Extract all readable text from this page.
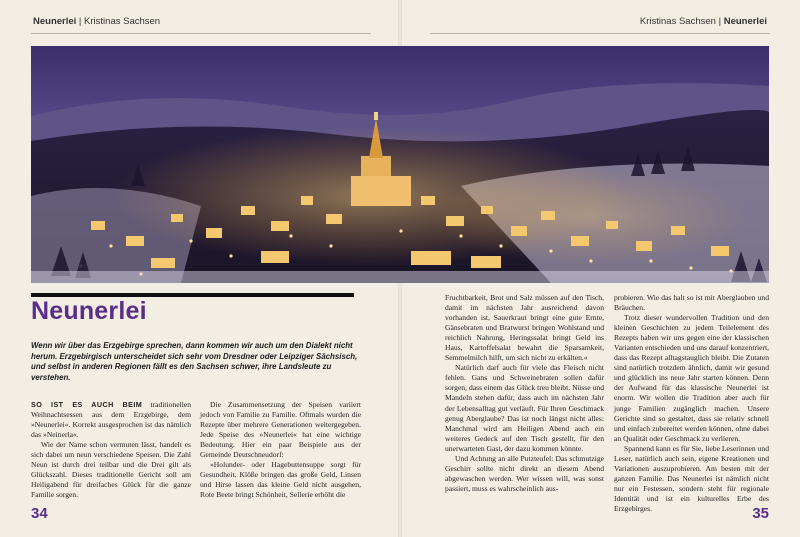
Neunerlei | Kristinas Sachsen	Kristinas Sachsen | Neunerlei
Neunerlei
Wenn wir über das Erzgebirge sprechen, dann kommen wir auch um den Dialekt nicht herum. Erzgebirgisch unterscheidet sich sehr vom Dresdner oder Leipziger Sächsisch, und selbst in anderen Regionen fällt es den Sachsen schwer, ihre Landsleute zu verstehen.

SO IST ES AUCH BEIM traditionellen Weihnachtsessen aus dem Erzgebirge, dem »Neunerlei«. Korrekt ausgesprochen ist das nämlich das »Neinerla«.

Wie der Name schon vermuten lässt, handelt es sich dabei um neun verschiedene Speisen. Die Zahl Neun ist durch drei teilbar und die Drei gilt als Glückszahl. Dieses traditionelle Gericht soll am Heiligabend für dreifaches Glück für die ganze Familie sorgen.

Die Zusammensetzung der Speisen variiert jedoch von Familie zu Familie. Oftmals wurden die Rezepte über mehrere Generationen weitergegeben. Jede Speise des »Neunerlei« hat eine wichtige Bedeutung. Hier ein paar Beispiele aus der Gemeinde Deutschneudorf:

»Holunder- oder Hagebuttensuppe sorgt für Gesundheit, Klöße bringen das große Geld, Linsen und Hirse lassen das kleine Geld nicht ausgehen, Rote Beete bringt Schönheit, Sellerie erhöht die

Fruchtbarkeit, Brot und Salz müssen auf den Tisch, damit im nächsten Jahr ausreichend davon vorhanden ist, Sauerkraut bringt eine gute Ernte, Gänsebraten und Bratwurst bringen Wohlstand und reichlich Nahrung, Heringssalat bringt Geld ins Haus, Kartoffelsalat bewahrt die Sparsamkeit, Semmelmilch hilft, um sich nicht zu erkälten.«

Natürlich darf auch für viele das Fleisch nicht fehlen. Gans und Schweinebraten sollen dafür sorgen, dass einem das Glück treu bleibt. Nüsse und Mandeln stehen dafür, dass auch im nächsten Jahr der Lebensalltag gut verläuft. Für Ihren Geschmack genug Aberglaube? Das ist noch längst nicht alles: Manchmal wird am Heiligen Abend auch ein weiteres Gedeck auf den Tisch gestellt, für den unerwarteten Gast, der dazu kommen könnte.

Und Achtung an alle Putzteufel: Das schmutzige Geschirr sollte nicht direkt an diesem Abend abgewaschen werden. Wer wissen will, was sonst passiert, muss es wahrscheinlich aus-

probieren. Wie das halt so ist mit Aberglauben und Bräuchen.

Trotz dieser wundervollen Tradition und den kleinen Geschichten zu jedem Teilelement des Rezepts haben wir uns gegen eine der klassischen Varianten entschieden und uns darauf konzentriert, dass das Rezept alltagstauglich bleibt. Die Zutaten sind natürlich trotzdem ähnlich, damit wir gesund und glücklich ins neue Jahr starten können. Denn der Aufwand für das klassische Neunerlei ist enorm. Wir wollen die Tradition aber auch für junge Familien zugänglich machen. Unsere Gerichte sind so gestaltet, dass sie relativ schnell und einfach zubereitet werden können, ohne dabei an Qualität oder Geschmack zu verlieren.

Spannend kann es für Sie, liebe Leserinnen und Leser, natürlich auch sein, eigene Kreationen und Variationen auszuprobieren. Am besten mit der ganzen Familie. Das Neunerlei ist nämlich nicht nur ein Festessen, sondern steht für regionale Identität und ist ein kulturelles Erbe des Erzgebirges.

34	35
